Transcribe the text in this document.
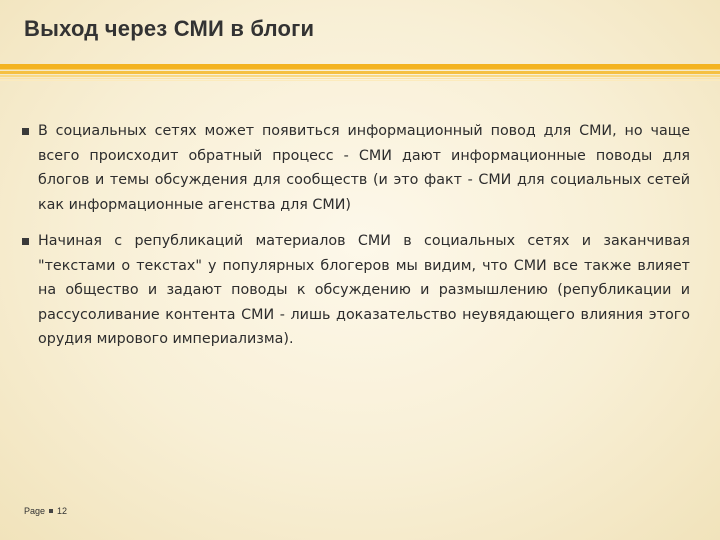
Выход через СМИ в блоги
В социальных сетях может появиться информационный повод для СМИ, но чаще всего происходит обратный процесс - СМИ дают информационные поводы для блогов и темы обсуждения для сообществ (и это факт - СМИ для социальных сетей как информационные агенства для СМИ)
Начиная с републикаций материалов СМИ в социальных сетях и заканчивая "текстами о текстах" у популярных блогеров мы видим, что СМИ все также влияет на общество и задают поводы к обсуждению и размышлению (републикации и рассусоливание контента СМИ - лишь доказательство неувядающего влияния этого орудия мирового империализма).
Page 12
